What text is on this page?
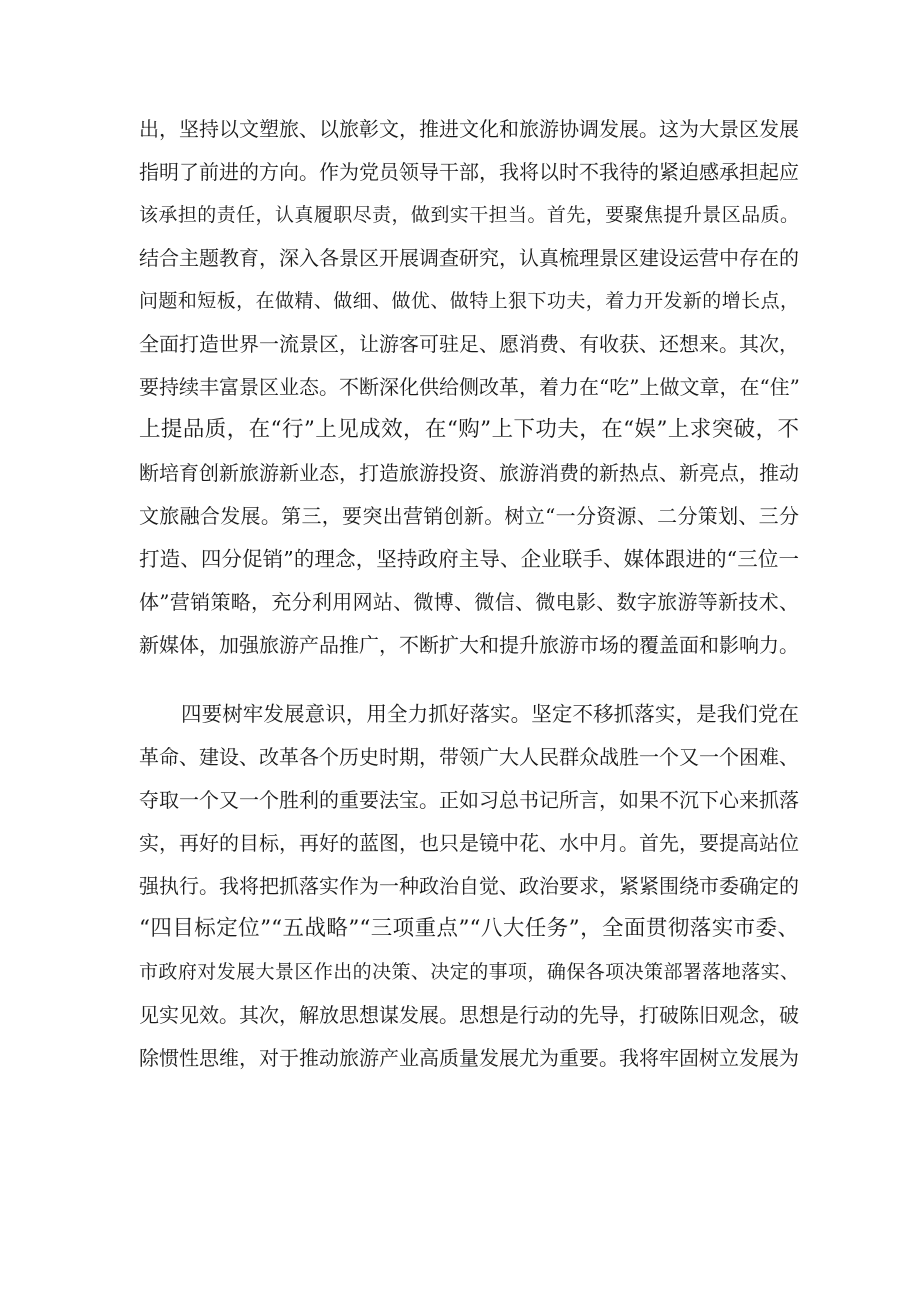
出，坚持以文塑旅、以旅彰文，推进文化和旅游协调发展。这为大景区发展
指明了前进的方向。作为党员领导干部，我将以时不我待的紧迫感承担起应
该承担的责任，认真履职尽责，做到实干担当。首先，要聚焦提升景区品质。
结合主题教育，深入各景区开展调查研究，认真梳理景区建设运营中存在的
问题和短板，在做精、做细、做优、做特上狠下功夫，着力开发新的增长点，
全面打造世界一流景区，让游客可驻足、愿消费、有收获、还想来。其次，
要持续丰富景区业态。不断深化供给侧改革，着力在“吃”上做文章，在“住”
上提品质，在“行”上见成效，在“购”上下功夫，在“娱”上求突破，不
断培育创新旅游新业态，打造旅游投资、旅游消费的新热点、新亮点，推动
文旅融合发展。第三，要突出营销创新。树立“一分资源、二分策划、三分
打造、四分促销”的理念，坚持政府主导、企业联手、媒体跟进的“三位一
体”营销策略，充分利用网站、微博、微信、微电影、数字旅游等新技术、
新媒体，加强旅游产品推广，不断扩大和提升旅游市场的覆盖面和影响力。
四要树牢发展意识，用全力抓好落实。坚定不移抓落实，是我们党在
革命、建设、改革各个历史时期，带领广大人民群众战胜一个又一个困难、
夺取一个又一个胜利的重要法宝。正如习总书记所言，如果不沉下心来抓落
实，再好的目标，再好的蓝图，也只是镜中花、水中月。首先，要提高站位
强执行。我将把抓落实作为一种政治自觉、政治要求，紧紧围绕市委确定的
“四目标定位”“五战略”“三项重点”“八大任务”，全面贯彻落实市委、
市政府对发展大景区作出的决策、决定的事项，确保各项决策部署落地落实、
见实见效。其次，解放思想谋发展。思想是行动的先导，打破陈旧观念，破
除惯性思维，对于推动旅游产业高质量发展尤为重要。我将牢固树立发展为
